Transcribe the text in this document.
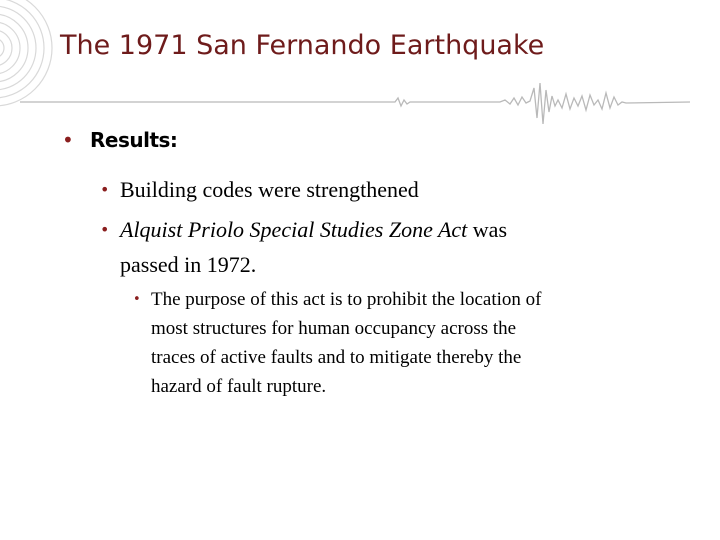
The 1971 San Fernando Earthquake
• Results:
• Building codes were strengthened
• Alquist Priolo Special Studies Zone Act was
passed in 1972.
• The purpose of this act is to prohibit the location of
most structures for human occupancy across the
traces of active faults and to mitigate thereby the
hazard of fault rupture.
